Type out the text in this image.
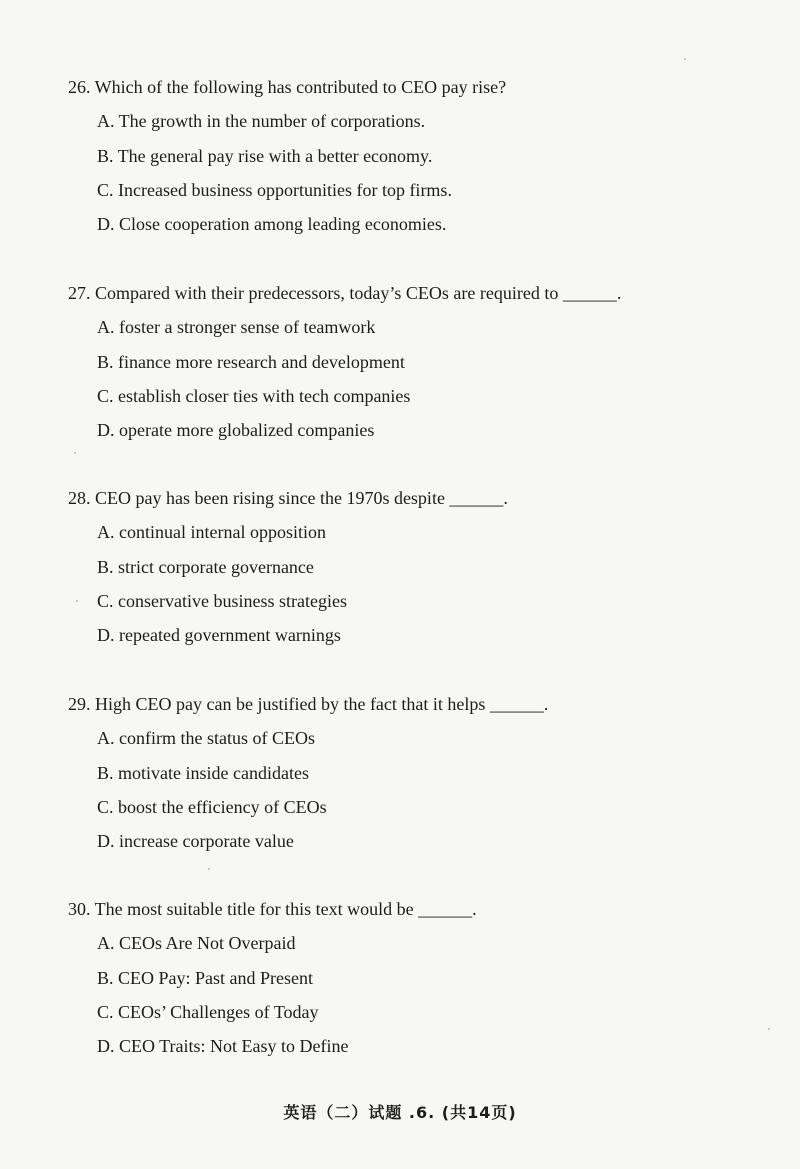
26. Which of the following has contributed to CEO pay rise?
A. The growth in the number of corporations.
B. The general pay rise with a better economy.
C. Increased business opportunities for top firms.
D. Close cooperation among leading economies.
27. Compared with their predecessors, today’s CEOs are required to ______.
A. foster a stronger sense of teamwork
B. finance more research and development
C. establish closer ties with tech companies
D. operate more globalized companies
28. CEO pay has been rising since the 1970s despite ______.
A. continual internal opposition
B. strict corporate governance
C. conservative business strategies
D. repeated government warnings
29. High CEO pay can be justified by the fact that it helps ______.
A. confirm the status of CEOs
B. motivate inside candidates
C. boost the efficiency of CEOs
D. increase corporate value
30. The most suitable title for this text would be ______.
A. CEOs Are Not Overpaid
B. CEO Pay: Past and Present
C. CEOs’ Challenges of Today
D. CEO Traits: Not Easy to Define
英语（二）试题 .6. (共14页)
